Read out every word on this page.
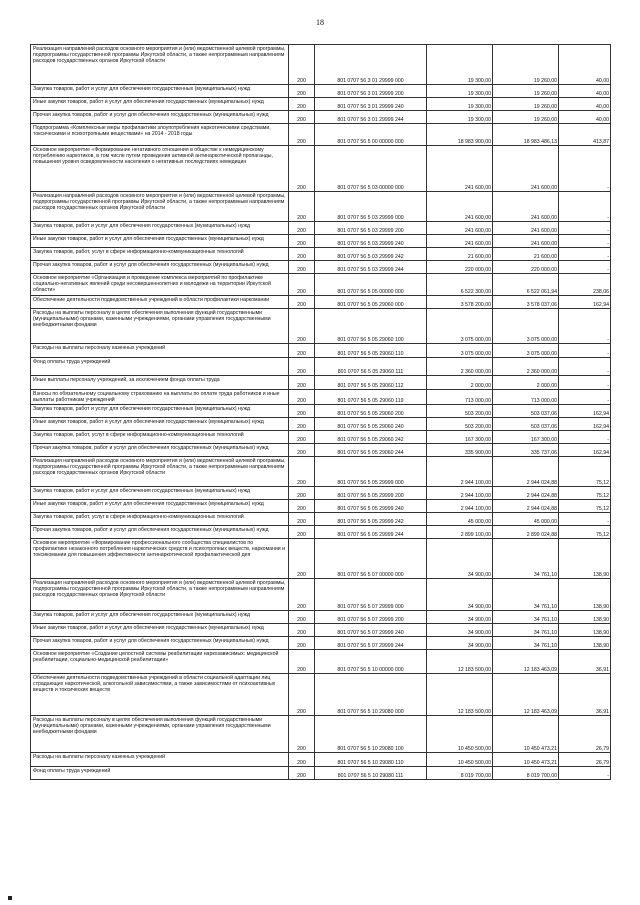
18
Реализация направлений расходов основного мероприятия и (или) ведомственной целевой программы, подпрограммы государственной программы Иркутской области, а также непрограммным направлениям расходов государственных органов Иркутской области	200	801 0707 56 3 01 29999 000	19 300,00	19 260,00	40,00
Закупка товаров, работ и услуг для обеспечения государственных (муниципальных) нужд	200	801 0707 56 3 01 29999 200	19 300,00	19 260,00	40,00
Иные закупки товаров, работ и услуг для обеспечения государственных (муниципальных) нужд	200	801 0707 56 3 01 29999 240	19 300,00	19 260,00	40,00
Прочая закупка товаров, работ и услуг для обеспечения государственных (муниципальных) нужд	200	801 0707 56 3 01 29999 244	19 300,00	19 260,00	40,00
Подпрограмма «Комплексные меры профилактики злоупотребления наркотическими средствами, токсическими и психотропными веществами» на 2014 - 2018 годы	200	801 0707 56 5 00 00000 000	18 983 900,00	18 983 486,13	413,87
Основное мероприятие «Формирование негативного отношения в обществе к немедицинскому потреблению наркотиков, в том числе путем проведения активной антинаркотической пропаганды, повышения уровня осведомленности населения о негативных последствиях немедицин	200	801 0707 56 5 03 00000 000	241 600,00	241 600,00	-
Реализация направлений расходов основного мероприятия и (или) ведомственной целевой программы, подпрограммы государственной программы Иркутской области, а также непрограммным направлениям расходов государственных органов Иркутской области	200	801 0707 56 5 03 29999 000	241 600,00	241 600,00	-
Закупка товаров, работ и услуг для обеспечения государственных (муниципальных) нужд	200	801 0707 56 5 03 29999 200	241 600,00	241 600,00	-
Иные закупки товаров, работ и услуг для обеспечения государственных (муниципальных) нужд	200	801 0707 56 5 03 29999 240	241 600,00	241 600,00	-
Закупка товаров, работ, услуг в сфере информационно-коммуникационных технологий	200	801 0707 56 5 03 29999 242	21 600,00	21 600,00	-
Прочая закупка товаров, работ и услуг для обеспечения государственных (муниципальных) нужд	200	801 0707 56 5 03 29999 244	220 000,00	220 000,00	-
Основное мероприятие «Организация и проведение комплекса мероприятий по профилактике социально-негативных явлений среди несовершеннолетних и молодежи на территории Иркутской области»	200	801 0707 56 5 05 00000 000	6 522 300,00	6 522 061,94	238,06
Обеспечение деятельности подведомственных учреждений в области профилактики наркомании	200	801 0707 56 5 05 29060 000	3 578 200,00	3 578 037,06	162,94
Расходы на выплаты персоналу в целях обеспечения выполнения функций государственными (муниципальными) органами, казенными учреждениями, органами управления государственными внебюджетными фондами	200	801 0707 56 5 05 29060 100	3 075 000,00	3 075 000,00	-
Расходы на выплаты персоналу казенных учреждений	200	801 0707 56 5 05 29060 110	3 075 000,00	3 075 000,00	-
Фонд оплаты труда учреждений	200	801 0707 56 5 05 29060 111	2 360 000,00	2 360 000,00	-
Иные выплаты персоналу учреждений, за исключением фонда оплаты труда	200	801 0707 56 5 05 29060 112	2 000,00	2 000,00	-
Взносы по обязательному социальному страхованию на выплаты по оплате труда работников и иные выплаты работникам учреждений	200	801 0707 56 5 05 29060 119	713 000,00	713 000,00	-
Закупка товаров, работ и услуг для обеспечения государственных (муниципальных) нужд	200	801 0707 56 5 05 29060 200	503 200,00	503 037,06	162,94
Иные закупки товаров, работ и услуг для обеспечения государственных (муниципальных) нужд	200	801 0707 56 5 05 29060 240	503 200,00	503 037,06	162,94
Закупка товаров, работ, услуг в сфере информационно-коммуникационных технологий	200	801 0707 56 5 05 29060 242	167 300,00	167 300,00	-
Прочая закупка товаров, работ и услуг для обеспечения государственных (муниципальных) нужд	200	801 0707 56 5 05 29060 244	335 900,00	335 737,06	162,94
Реализация направлений расходов основного мероприятия и (или) ведомственной целевой программы, подпрограммы государственной программы Иркутской области, а также непрограммным направлениям расходов государственных органов Иркутской области	200	801 0707 56 5 05 29999 000	2 944 100,00	2 944 024,88	75,12
Закупка товаров, работ и услуг для обеспечения государственных (муниципальных) нужд	200	801 0707 56 5 05 29999 200	2 944 100,00	2 944 024,88	75,12
Иные закупки товаров, работ и услуг для обеспечения государственных (муниципальных) нужд	200	801 0707 56 5 05 29999 240	2 944 100,00	2 944 024,88	75,12
Закупка товаров, работ, услуг в сфере информационно-коммуникационных технологий	200	801 0707 56 5 05 29999 242	45 000,00	45 000,00	-
Прочая закупка товаров, работ и услуг для обеспечения государственных (муниципальных) нужд	200	801 0707 56 5 05 29999 244	2 899 100,00	2 899 024,88	75,12
Основное мероприятие «Формирование профессионального сообщества специалистов по профилактике незаконного потребления наркотических средств и психотропных веществ, наркомании и токсикомании для повышения эффективности антинаркотической профилактической дея	200	801 0707 56 5 07 00000 000	34 900,00	34 761,10	138,90
Реализация направлений расходов основного мероприятия и (или) ведомственной целевой программы, подпрограммы государственной программы Иркутской области, а также непрограммным направлениям расходов государственных органов Иркутской области	200	801 0707 56 5 07 29999 000	34 900,00	34 761,10	138,90
Закупка товаров, работ и услуг для обеспечения государственных (муниципальных) нужд	200	801 0707 56 5 07 29999 200	34 900,00	34 761,10	138,90
Иные закупки товаров, работ и услуг для обеспечения государственных (муниципальных) нужд	200	801 0707 56 5 07 29999 240	34 900,00	34 761,10	138,90
Прочая закупка товаров, работ и услуг для обеспечения государственных (муниципальных) нужд	200	801 0707 56 5 07 29999 244	34 900,00	34 761,10	138,90
Основное мероприятие «Создание целостной системы реабилитации наркозависимых: медицинской реабилитации, социально-медицинской реабилитации»	200	801 0707 56 5 10 00000 000	12 183 500,00	12 183 463,09	36,91
Обеспечение деятельности подведомственных учреждений в области социальной адаптации лиц страдающих наркотической, алкогольной зависимостями, а также зависимостями от психоактивных веществ и токсических веществ	200	801 0707 56 5 10 29080 000	12 183 500,00	12 183 463,09	36,91
Расходы на выплаты персоналу в целях обеспечения выполнения функций государственными (муниципальными) органами, казенными учреждениями, органами управления государственными внебюджетными фондами	200	801 0707 56 5 10 29080 100	10 450 500,00	10 450 473,21	26,79
Расходы на выплаты персоналу казенных учреждений	200	801 0707 56 5 10 29080 110	10 450 500,00	10 450 473,21	26,79
Фонд оплаты труда учреждений	200	801 0707 56 5 10 29080 111	8 019 700,00	8 019 700,00	-
